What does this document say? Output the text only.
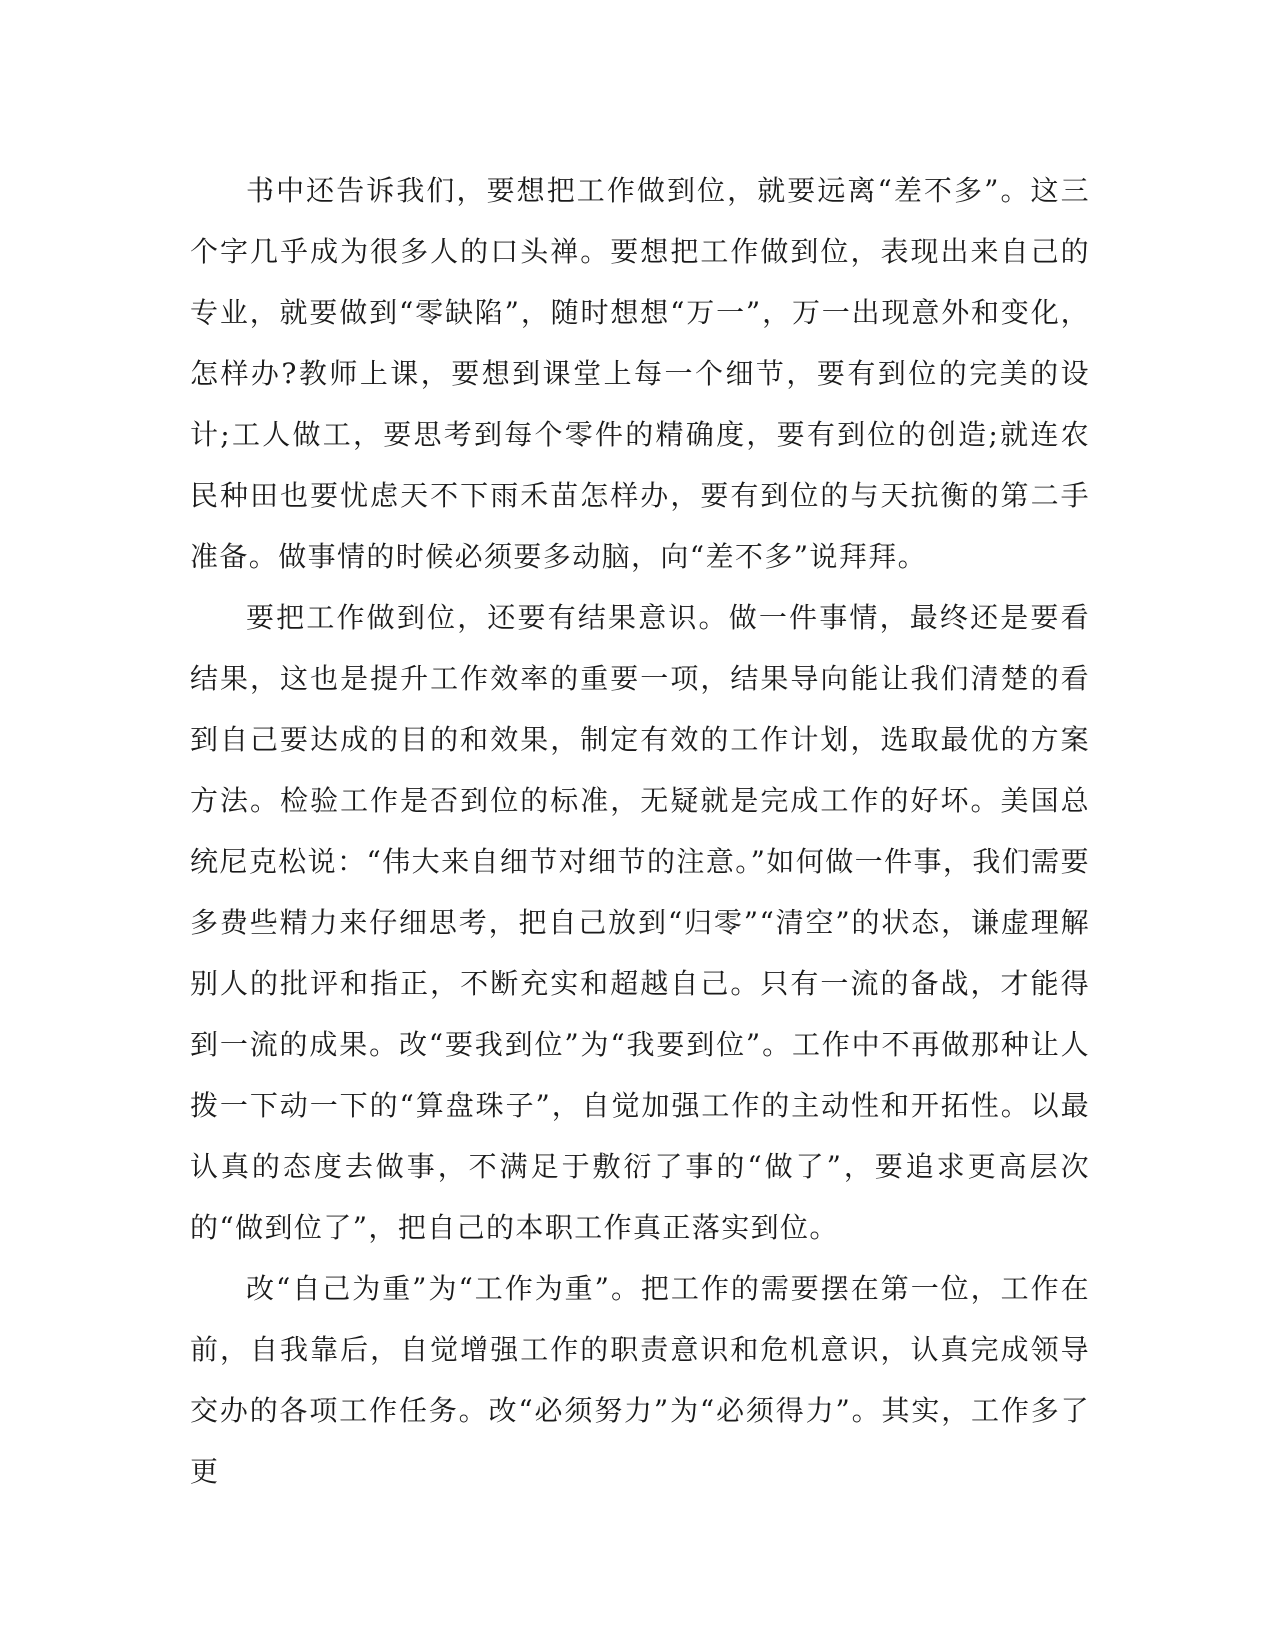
书中还告诉我们，要想把工作做到位，就要远离“差不多”。这三个字几乎成为很多人的口头禅。要想把工作做到位，表现出来自己的专业，就要做到“零缺陷”，随时想想“万一”，万一出现意外和变化，怎样办?教师上课，要想到课堂上每一个细节，要有到位的完美的设计;工人做工，要思考到每个零件的精确度，要有到位的创造;就连农民种田也要忧虑天不下雨禾苗怎样办，要有到位的与天抗衡的第二手准备。做事情的时候必须要多动脑，向“差不多”说拜拜。

要把工作做到位，还要有结果意识。做一件事情，最终还是要看结果，这也是提升工作效率的重要一项，结果导向能让我们清楚的看到自己要达成的目的和效果，制定有效的工作计划，选取最优的方案方法。检验工作是否到位的标准，无疑就是完成工作的好坏。美国总统尼克松说：“伟大来自细节对细节的注意。”如何做一件事，我们需要多费些精力来仔细思考，把自己放到“归零”“清空”的状态，谦虚理解别人的批评和指正，不断充实和超越自己。只有一流的备战，才能得到一流的成果。改“要我到位”为“我要到位”。工作中不再做那种让人拨一下动一下的“算盘珠子”，自觉加强工作的主动性和开拓性。以最认真的态度去做事，不满足于敷衍了事的“做了”，要追求更高层次的“做到位了”，把自己的本职工作真正落实到位。

改“自己为重”为“工作为重”。把工作的需要摆在第一位，工作在前，自我靠后，自觉增强工作的职责意识和危机意识，认真完成领导交办的各项工作任务。改“必须努力”为“必须得力”。其实，工作多了更
